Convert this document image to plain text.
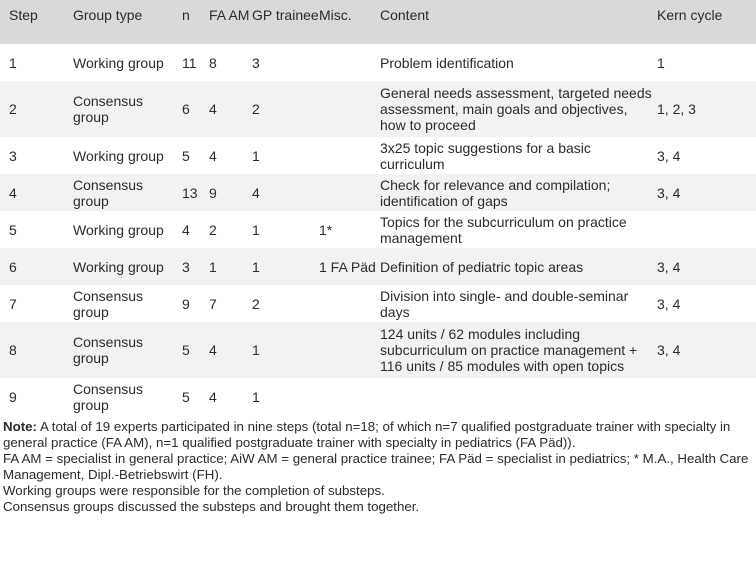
Step	Group type	n	FA AM	GP trainee	Misc.	Content	Kern cycle
1	Working group	11	8	3		Problem identification	1
2	Consensus group	6	4	2		General needs assessment, targeted needs assessment, main goals and objectives, how to proceed	1, 2, 3
3	Working group	5	4	1		3x25 topic suggestions for a basic curriculum	3, 4
4	Consensus group	13	9	4		Check for relevance and compilation; identification of gaps	3, 4
5	Working group	4	2	1	1*	Topics for the subcurriculum on practice management	
6	Working group	3	1	1	1 FA Päd	Definition of pediatric topic areas	3, 4
7	Consensus group	9	7	2		Division into single- and double-seminar days	3, 4
8	Consensus group	5	4	1		124 units / 62 modules including subcurriculum on practice management + 116 units / 85 modules with open topics	3, 4
9	Consensus group	5	4	1			

Note: A total of 19 experts participated in nine steps (total n=18; of which n=7 qualified postgraduate trainer with specialty in general practice (FA AM), n=1 qualified postgraduate trainer with specialty in pediatrics (FA Päd)).

FA AM = specialist in general practice; AiW AM = general practice trainee; FA Päd = specialist in pediatrics; * M.A., Health Care Management, Dipl.-Betriebswirt (FH).

Working groups were responsible for the completion of substeps.

Consensus groups discussed the substeps and brought them together.
